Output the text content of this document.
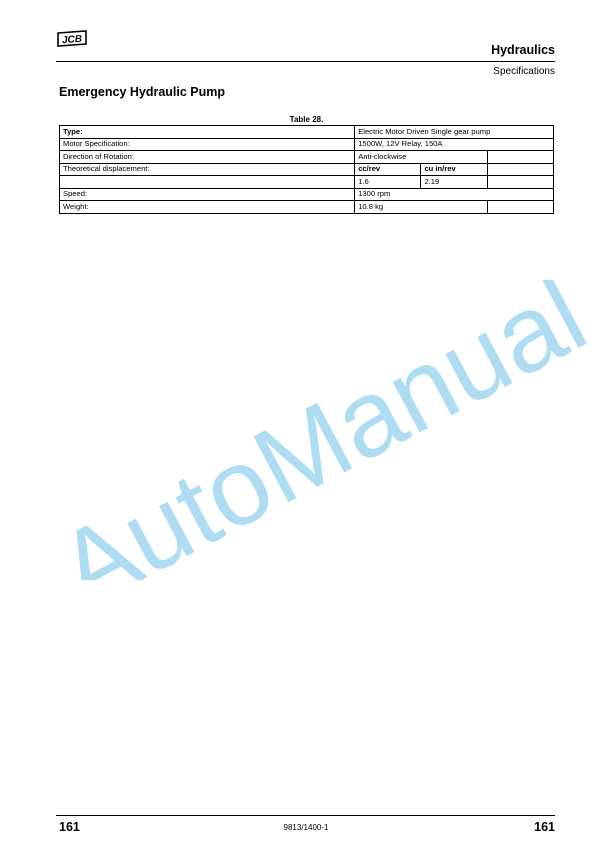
JCB
Hydraulics
Specifications
Emergency Hydraulic Pump
Table 28.
Type:	Electric Motor Driven Single gear pump		
Motor Specification:	1500W, 12V Relay, 150A		
Direction of Rotation:	Anti-clockwise		
Theoretical displacement:	cc/rev	cu in/rev	
	1.6	2.19	
Speed:	1300 rpm		
Weight:	10.8 kg		
AutoManual
161	9813/1400-1	161
